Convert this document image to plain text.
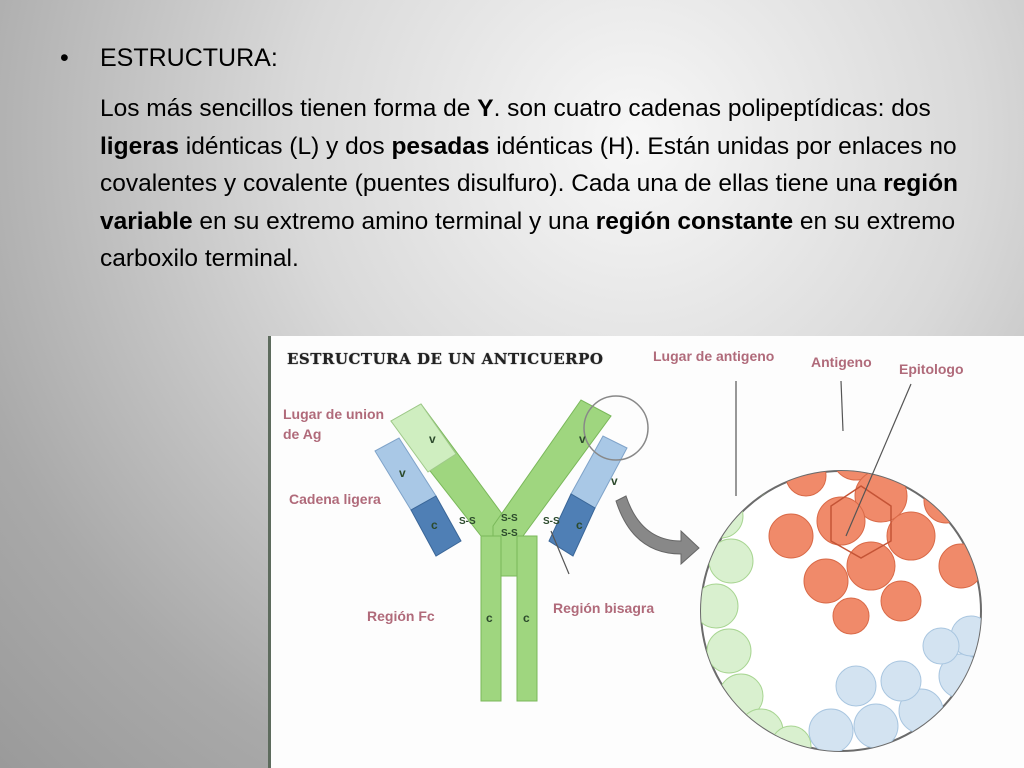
• ESTRUCTURA:
Los más sencillos tienen forma de Y. son cuatro cadenas polipeptídicas: dos ligeras idénticas (L) y dos pesadas idénticas (H). Están unidas por enlaces no covalentes y covalente (puentes disulfuro). Cada una de ellas tiene una región variable en su extremo amino terminal y una región constante en su extremo carboxilo terminal.
ESTRUCTURA DE UN ANTICUERPO
Lugar de union
de Ag
Cadena ligera
Región Fc	Región bisagra
Lugar de antigeno	Antigeno Epitologo
v	v
v
v
c	c
c	c
S-S	S-S
S-S
S-S
